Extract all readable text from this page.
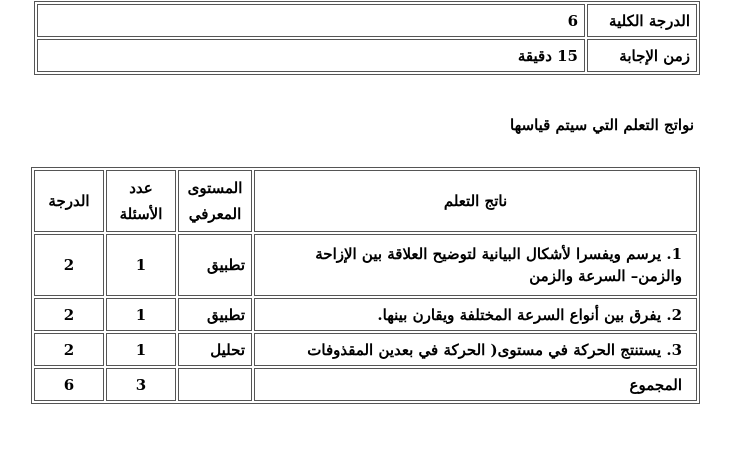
الدرجة الكلية	6
زمن الإجابة	15 دقيقة
نواتج التعلم التي سيتم قياسها
ناتج التعلم	المستوى المعرفي	عدد الأسئلة	الدرجة
1. يرسم ويفسرا لأشكال البيانية لتوضيح العلاقة بين الإزاحة والزمن– السرعة والزمن	تطبيق	1	2
2. يفرق بين أنواع السرعة المختلفة ويقارن بينها.	تطبيق	1	2
3. يستنتج الحركة في مستوى( الحركة في بعدين المقذوفات	تحليل	1	2
المجموع		3	6
